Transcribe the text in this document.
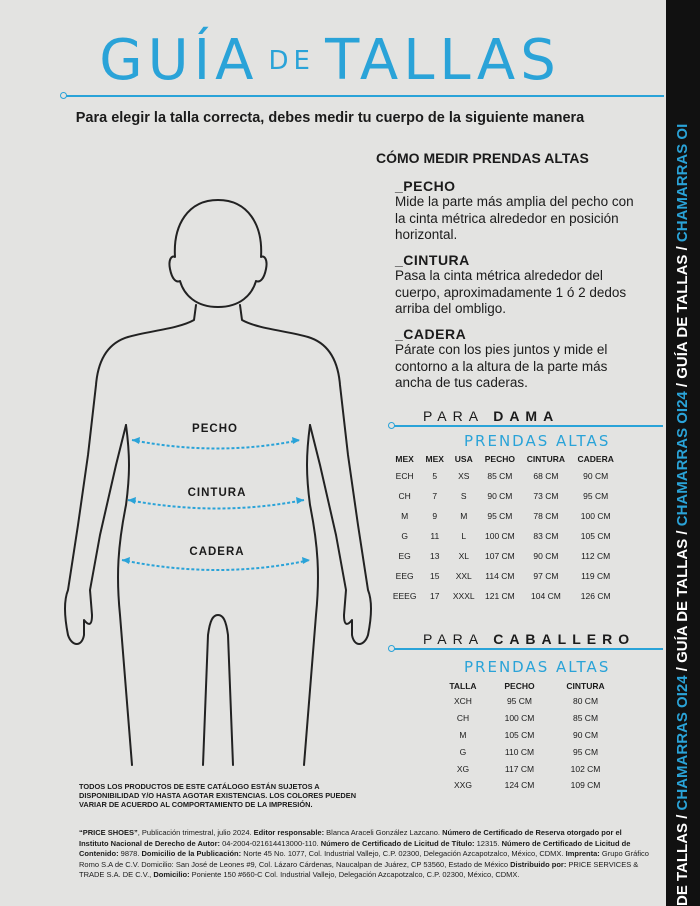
GUÍA DE TALLAS
Para elegir la talla correcta, debes medir tu cuerpo de la siguiente manera
PECHO
CINTURA
CADERA
CÓMO MEDIR PRENDAS ALTAS
_PECHO
Mide la parte más amplia del pecho con la cinta métrica alrededor en posición horizontal.
_CINTURA
Pasa la cinta métrica alrededor del cuerpo, aproximadamente 1 ó 2 dedos arriba del ombligo.
_CADERA
Párate con los pies juntos y mide el contorno a la altura de la parte más ancha de tus caderas.
PARA DAMA
PRENDAS ALTAS
MEX	MEX	USA	PECHO	CINTURA	CADERA
ECH	5	XS	85 CM	68 CM	90 CM
CH	7	S	90 CM	73 CM	95 CM
M	9	M	95 CM	78 CM	100 CM
G	11	L	100 CM	83 CM	105 CM
EG	13	XL	107 CM	90 CM	112 CM
EEG	15	XXL	114 CM	97 CM	119 CM
EEEG	17	XXXL	121 CM	104 CM	126 CM
PARA CABALLERO
PRENDAS ALTAS
TALLA	PECHO	CINTURA
XCH	95 CM	80 CM
CH	100 CM	85 CM
M	105 CM	90 CM
G	110 CM	95 CM
XG	117 CM	102 CM
XXG	124 CM	109 CM
TODOS LOS PRODUCTOS DE ESTE CATÁLOGO ESTÁN SUJETOS A DISPONIBILIDAD Y/O HASTA AGOTAR EXISTENCIAS. LOS COLORES PUEDEN VARIAR DE ACUERDO AL COMPORTAMIENTO DE LA IMPRESIÓN.
“PRICE SHOES”, Publicación trimestral, julio 2024. Editor responsable: Blanca Araceli González Lazcano. Número de Certificado de Reserva otorgado por el Instituto Nacional de Derecho de Autor: 04-2004-021614413000-110. Número de Certificado de Licitud de Título: 12315. Número de Certificado de Licitud de Contenido: 9878. Domicilio de la Publicación: Norte 45 No. 1077, Col. Industrial Vallejo, C.P. 02300, Delegación Azcapotzalco, México, CDMX. Imprenta: Grupo Gráfico Romo S.A de C.V. Domicilio: San José de Leones #9, Col. Lázaro Cárdenas, Naucalpan de Juárez, CP 53560, Estado de México Distribuido por: PRICE SERVICES & TRADE S.A. DE C.V., Domicilio: Poniente 150 #660-C Col. Industrial Vallejo, Delegación Azcapotzalco, C.P. 02300, México, CDMX.	DE TALLAS / CHAMARRAS OI24 / GUÍA DE TALLAS / CHAMARRAS OI24 / GUÍA DE TALLAS / CHAMARRAS OI
